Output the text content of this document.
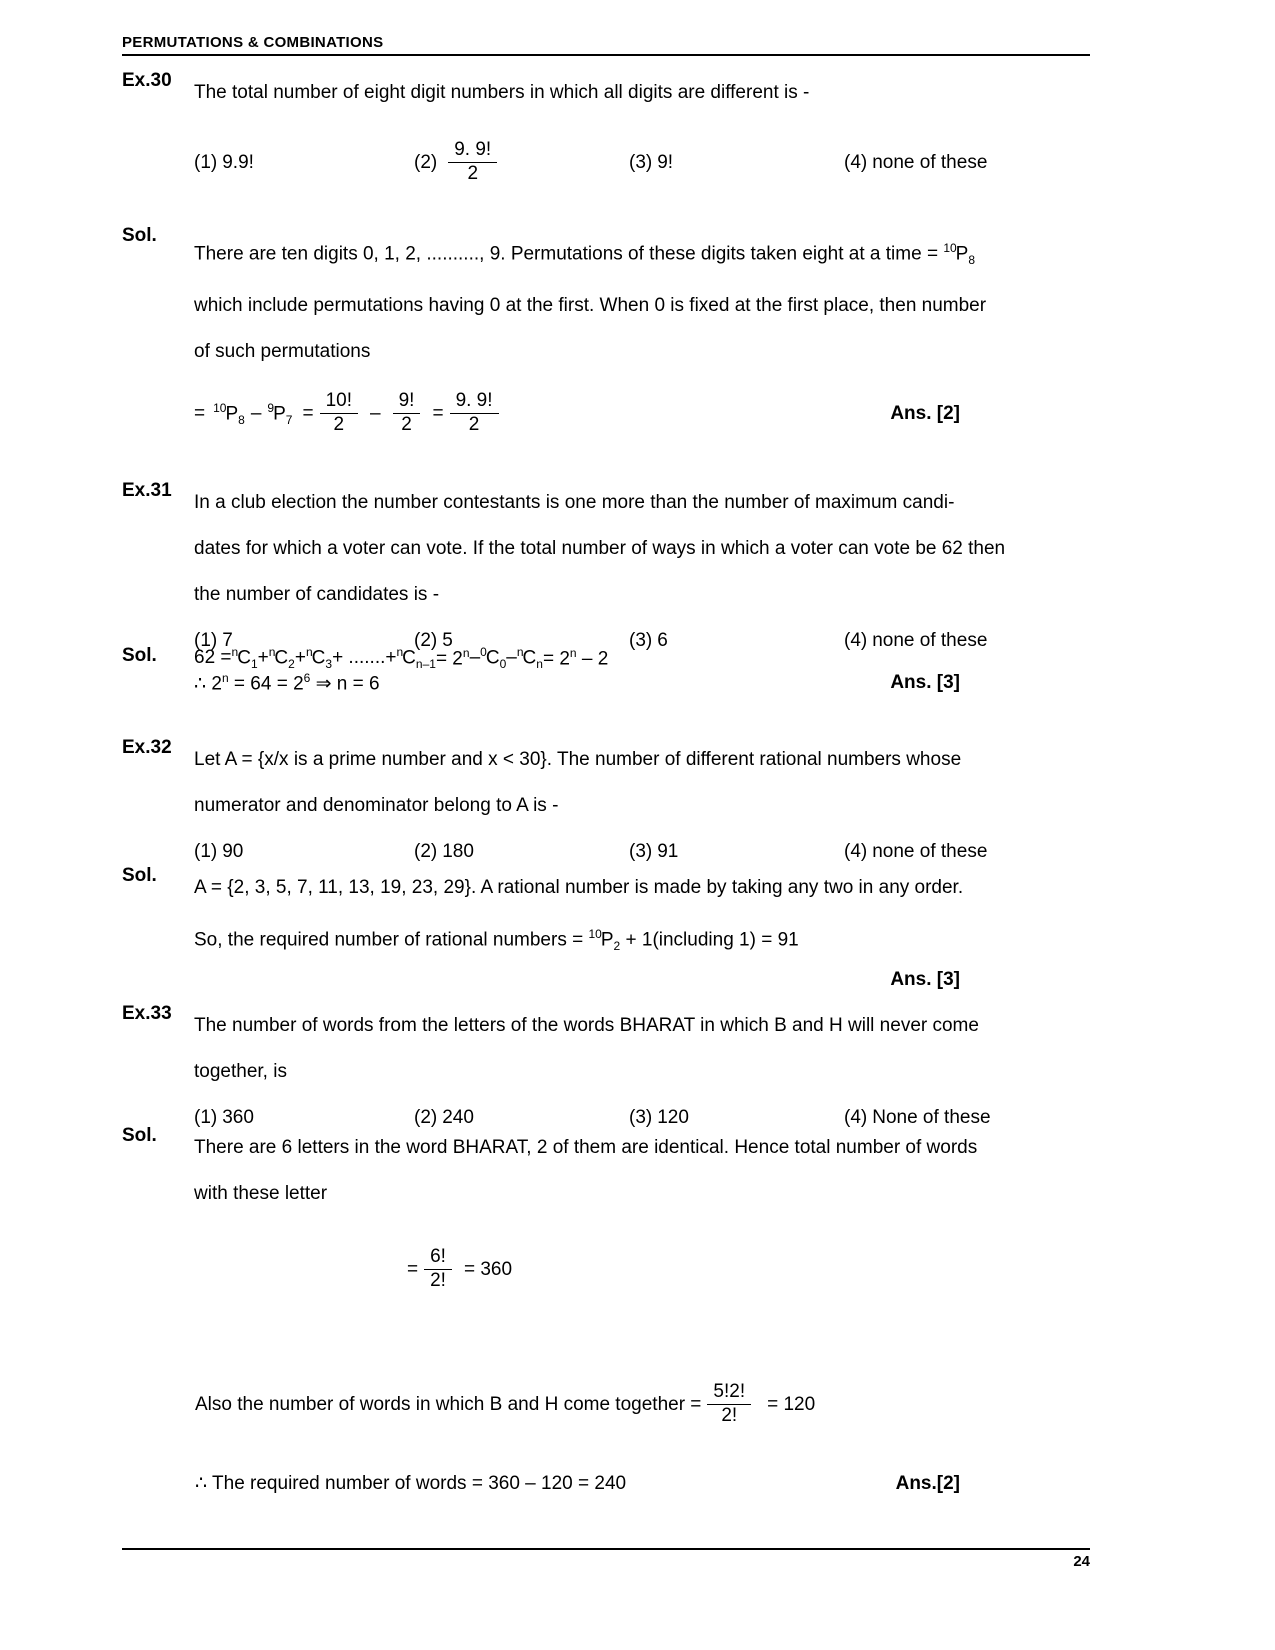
PERMUTATIONS & COMBINATIONS
Ex.30
The total number of eight digit numbers in which all digits are different is -
(1) 9.9!	$(2) \frac{9. 9!}{2}$	(3) 9!	(4) none of these
Sol.
There are ten digits 0, 1, 2, .........., 9. Permutations of these digits taken eight at a time = $^{10}P_8$
which include permutations having 0 at the first. When 0 is fixed at the first place, then number
of such permutations
= $^{10}P_8 - ^9P_7 = \frac{10!}{2} - \frac{9!}{2} = \frac{9. 9!}{2}$	Ans. [2]
Ex.31
In a club election the number contestants is one more than the number of maximum candi-
dates for which a voter can vote. If the total number of ways in which a voter can vote be 62 then
the number of candidates is -
(1) 7	(2) 5	(3) 6	(4) none of these
Sol.	$62 = ^nC_1 + ^nC_2 + ^nC_3$ + .......+ $^nC_{n-1} = 2^n - ^0C_0 - ^nC_n = 2^n - 2$
∴ $2^n = 64 = 2^6$ ⇒ n = 6	Ans. [3]
Ex.32
Let A = {x/x is a prime number and x < 30}. The number of different rational numbers whose
numerator and denominator belong to A is -
(1) 90	(2) 180	(3) 91	(4) none of these
Sol.
A = {2, 3, 5, 7, 11, 13, 19, 23, 29}. A rational number is made by taking any two in any order.
So, the required number of rational numbers = $^{10}P_2$ + 1(including 1) = 91
Ans. [3]
Ex.33
The number of words from the letters of the words BHARAT in which B and H will never come
together, is
(1) 360	(2) 240	(3) 120	(4) None of these
Sol.
There are 6 letters in the word BHARAT, 2 of them are identical. Hence total number of words
with these letter
= $\frac{6!}{2!} = 360$
Also the number of words in which B and H come together = $\frac{5!2!}{2!} = 120$
∴ The required number of words = 360 – 120 = 240	Ans.[2]
24
